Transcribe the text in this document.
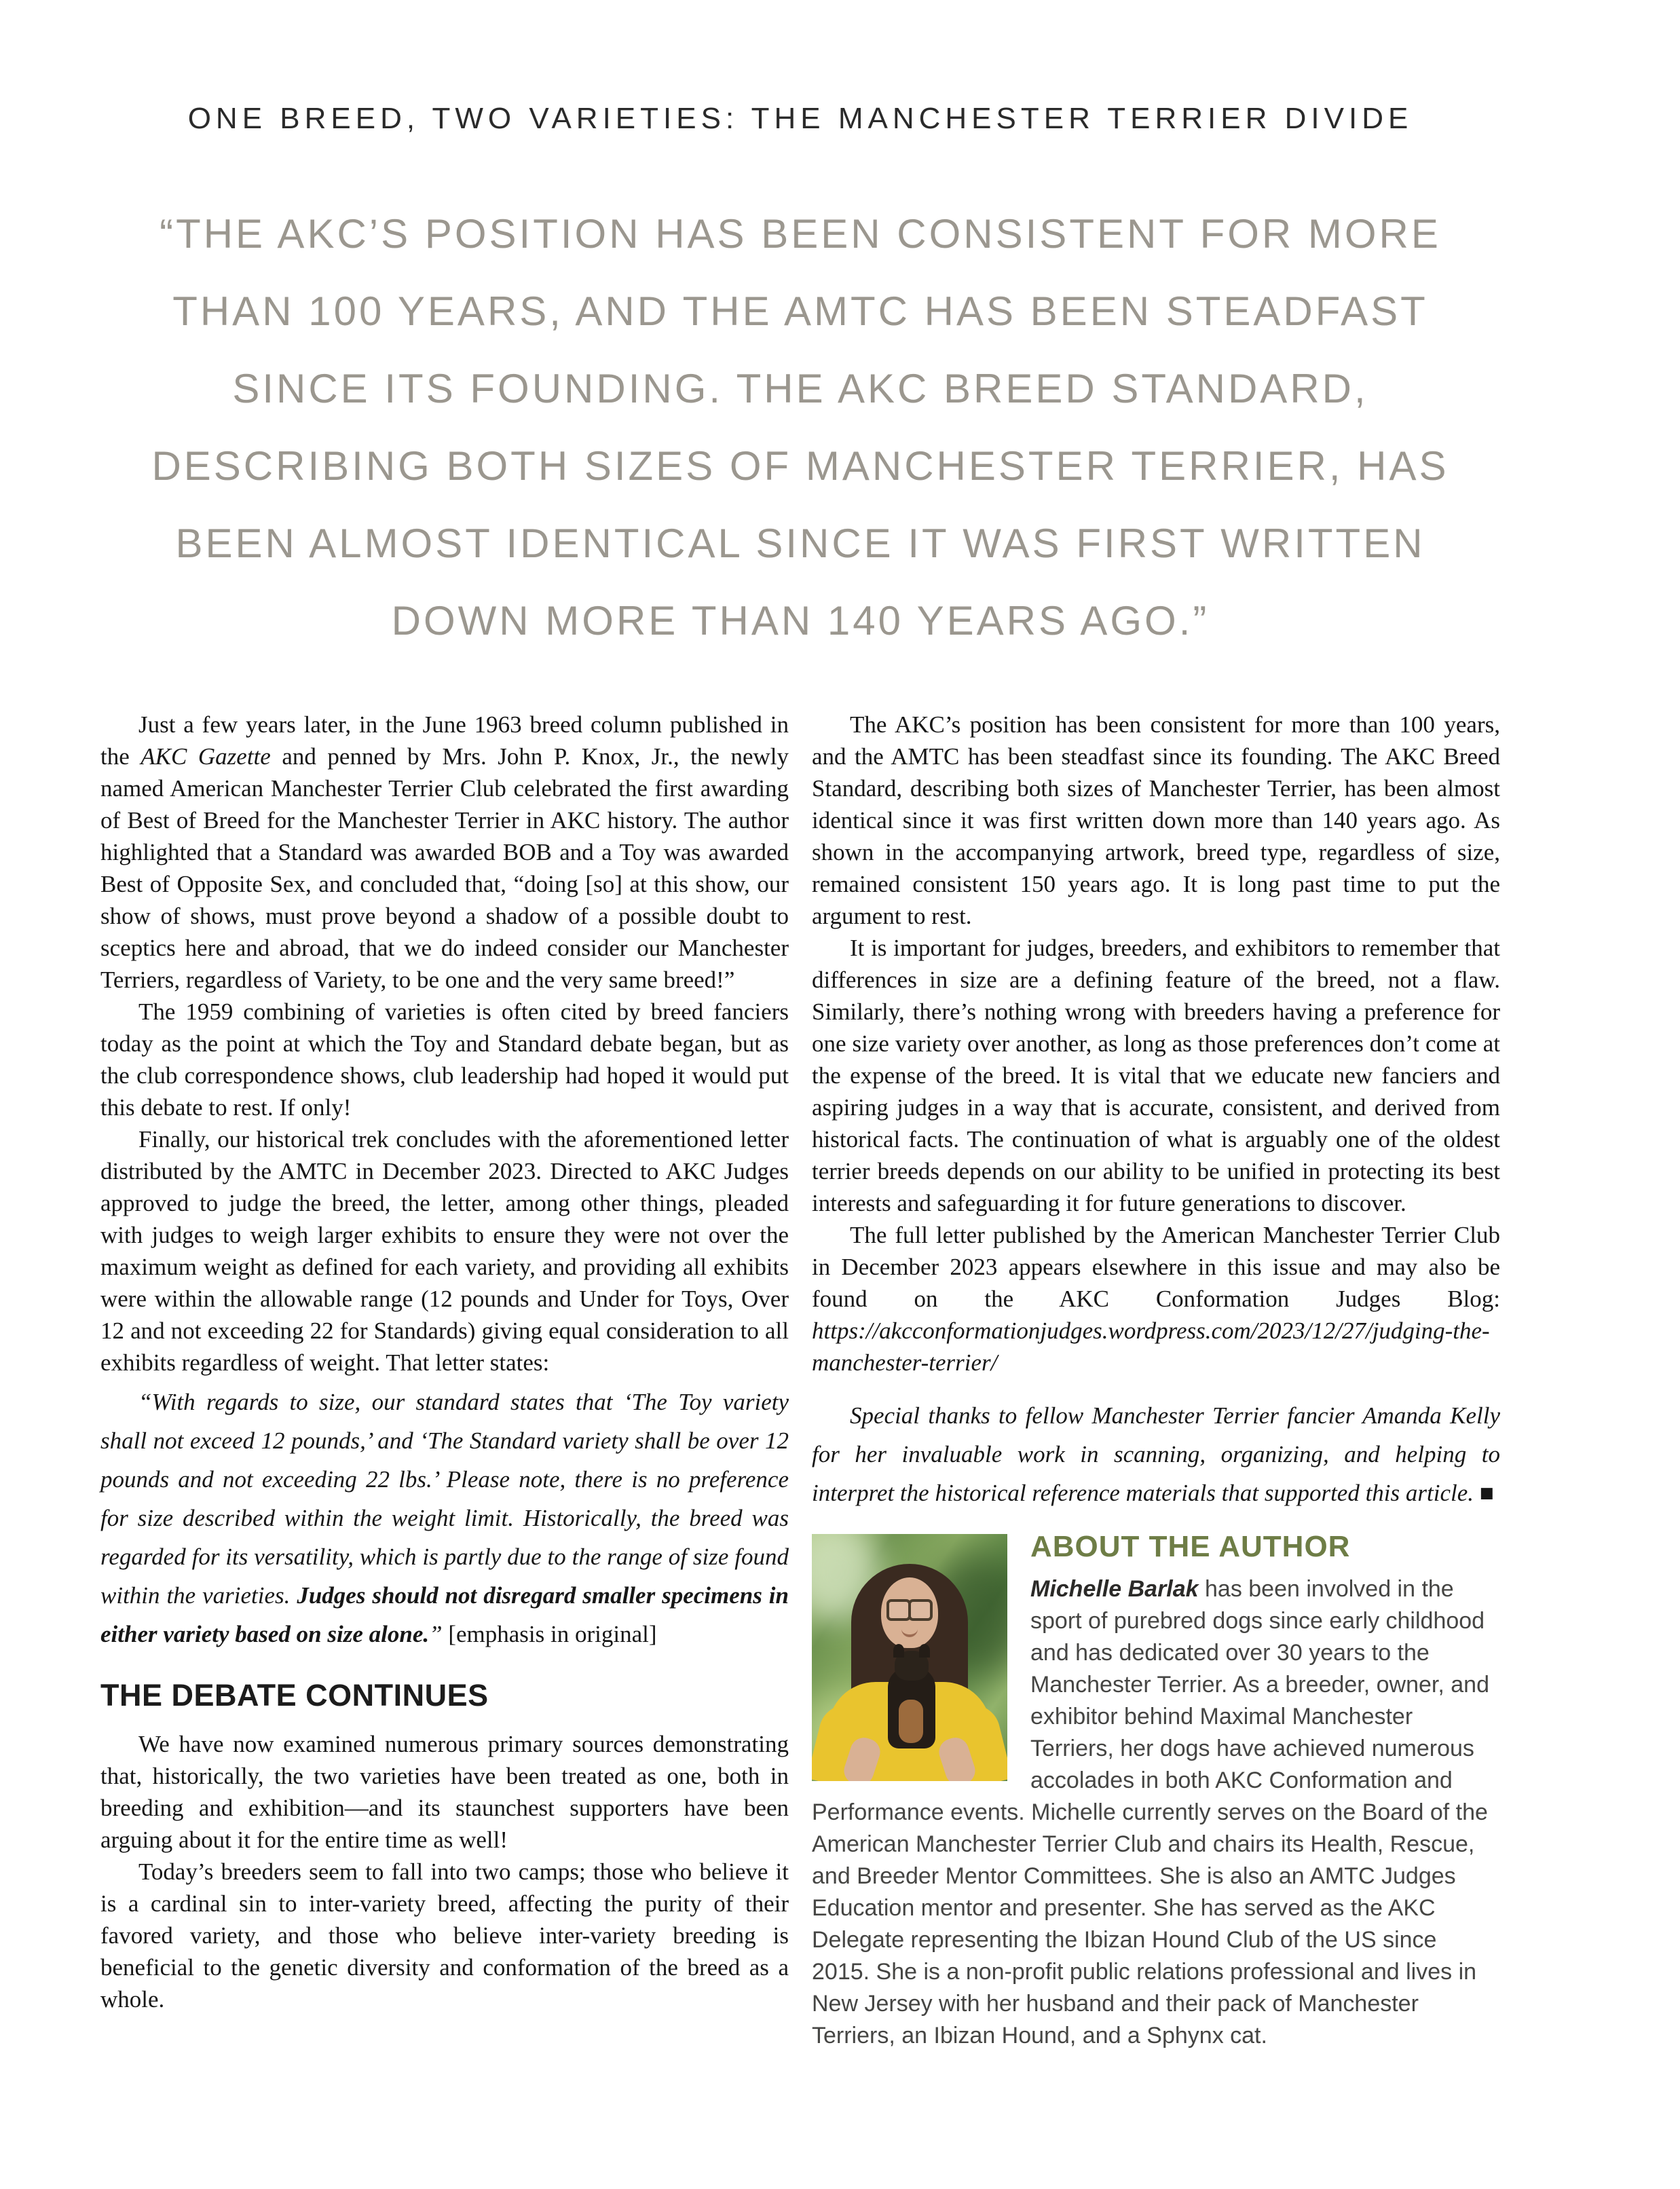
ONE BREED, TWO VARIETIES: THE MANCHESTER TERRIER DIVIDE
“THE AKC’S POSITION HAS BEEN CONSISTENT FOR MORE
THAN 100 YEARS, AND THE AMTC HAS BEEN STEADFAST
SINCE ITS FOUNDING. THE AKC BREED STANDARD,
DESCRIBING BOTH SIZES OF MANCHESTER TERRIER, HAS
BEEN ALMOST IDENTICAL SINCE IT WAS FIRST WRITTEN
DOWN MORE THAN 140 YEARS AGO.”

Just a few years later, in the June 1963 breed column published in the AKC Gazette and penned by Mrs. John P. Knox, Jr., the newly named American Manchester Terrier Club celebrated the first awarding of Best of Breed for the Manchester Terrier in AKC history. The author highlighted that a Standard was awarded BOB and a Toy was awarded Best of Opposite Sex, and concluded that, “doing [so] at this show, our show of shows, must prove beyond a shadow of a possible doubt to sceptics here and abroad, that we do indeed consider our Manchester Terriers, regardless of Variety, to be one and the very same breed!”

The 1959 combining of varieties is often cited by breed fanciers today as the point at which the Toy and Standard debate began, but as the club correspondence shows, club leadership had hoped it would put this debate to rest. If only!

Finally, our historical trek concludes with the aforementioned letter distributed by the AMTC in December 2023. Directed to AKC Judges approved to judge the breed, the letter, among other things, pleaded with judges to weigh larger exhibits to ensure they were not over the maximum weight as defined for each variety, and providing all exhibits were within the allowable range (12 pounds and Under for Toys, Over 12 and not exceeding 22 for Standards) giving equal consideration to all exhibits regardless of weight. That letter states:

“With regards to size, our standard states that ‘The Toy variety shall not exceed 12 pounds,’ and ‘The Standard variety shall be over 12 pounds and not exceeding 22 lbs.’ Please note, there is no preference for size described within the weight limit. Historically, the breed was regarded for its versatility, which is partly due to the range of size found within the varieties. Judges should not disregard smaller specimens in either variety based on size alone.” [emphasis in original]

THE DEBATE CONTINUES

We have now examined numerous primary sources demonstrating that, historically, the two varieties have been treated as one, both in breeding and exhibition—and its staunchest supporters have been arguing about it for the entire time as well!

Today’s breeders seem to fall into two camps; those who believe it is a cardinal sin to inter-variety breed, affecting the purity of their favored variety, and those who believe inter-variety breeding is beneficial to the genetic diversity and conformation of the breed as a whole.

The AKC’s position has been consistent for more than 100 years, and the AMTC has been steadfast since its founding. The AKC Breed Standard, describing both sizes of Manchester Terrier, has been almost identical since it was first written down more than 140 years ago. As shown in the accompanying artwork, breed type, regardless of size, remained consistent 150 years ago. It is long past time to put the argument to rest.

It is important for judges, breeders, and exhibitors to remember that differences in size are a defining feature of the breed, not a flaw. Similarly, there’s nothing wrong with breeders having a preference for one size variety over another, as long as those preferences don’t come at the expense of the breed. It is vital that we educate new fanciers and aspiring judges in a way that is accurate, consistent, and derived from historical facts. The continuation of what is arguably one of the oldest terrier breeds depends on our ability to be unified in protecting its best interests and safeguarding it for future generations to discover.

The full letter published by the American Manchester Terrier Club in December 2023 appears elsewhere in this issue and may also be found on the AKC Conformation Judges Blog: https://akcconformationjudges.wordpress.com/2023/12/27/judging-the-manchester-terrier/

Special thanks to fellow Manchester Terrier fancier Amanda Kelly for her invaluable work in scanning, organizing, and helping to interpret the historical reference materials that supported this article. ■

ABOUT THE AUTHOR
Michelle Barlak has been involved in the sport of purebred dogs since early childhood and has dedicated over 30 years to the Manchester Terrier. As a breeder, owner, and exhibitor behind Maximal Manchester Terriers, her dogs have achieved numerous accolades in both AKC Conformation and Performance events. Michelle currently serves on the Board of the American Manchester Terrier Club and chairs its Health, Rescue, and Breeder Mentor Committees. She is also an AMTC Judges Education mentor and presenter. She has served as the AKC Delegate representing the Ibizan Hound Club of the US since 2015. She is a non-profit public relations professional and lives in New Jersey with her husband and their pack of Manchester Terriers, an Ibizan Hound, and a Sphynx cat.
